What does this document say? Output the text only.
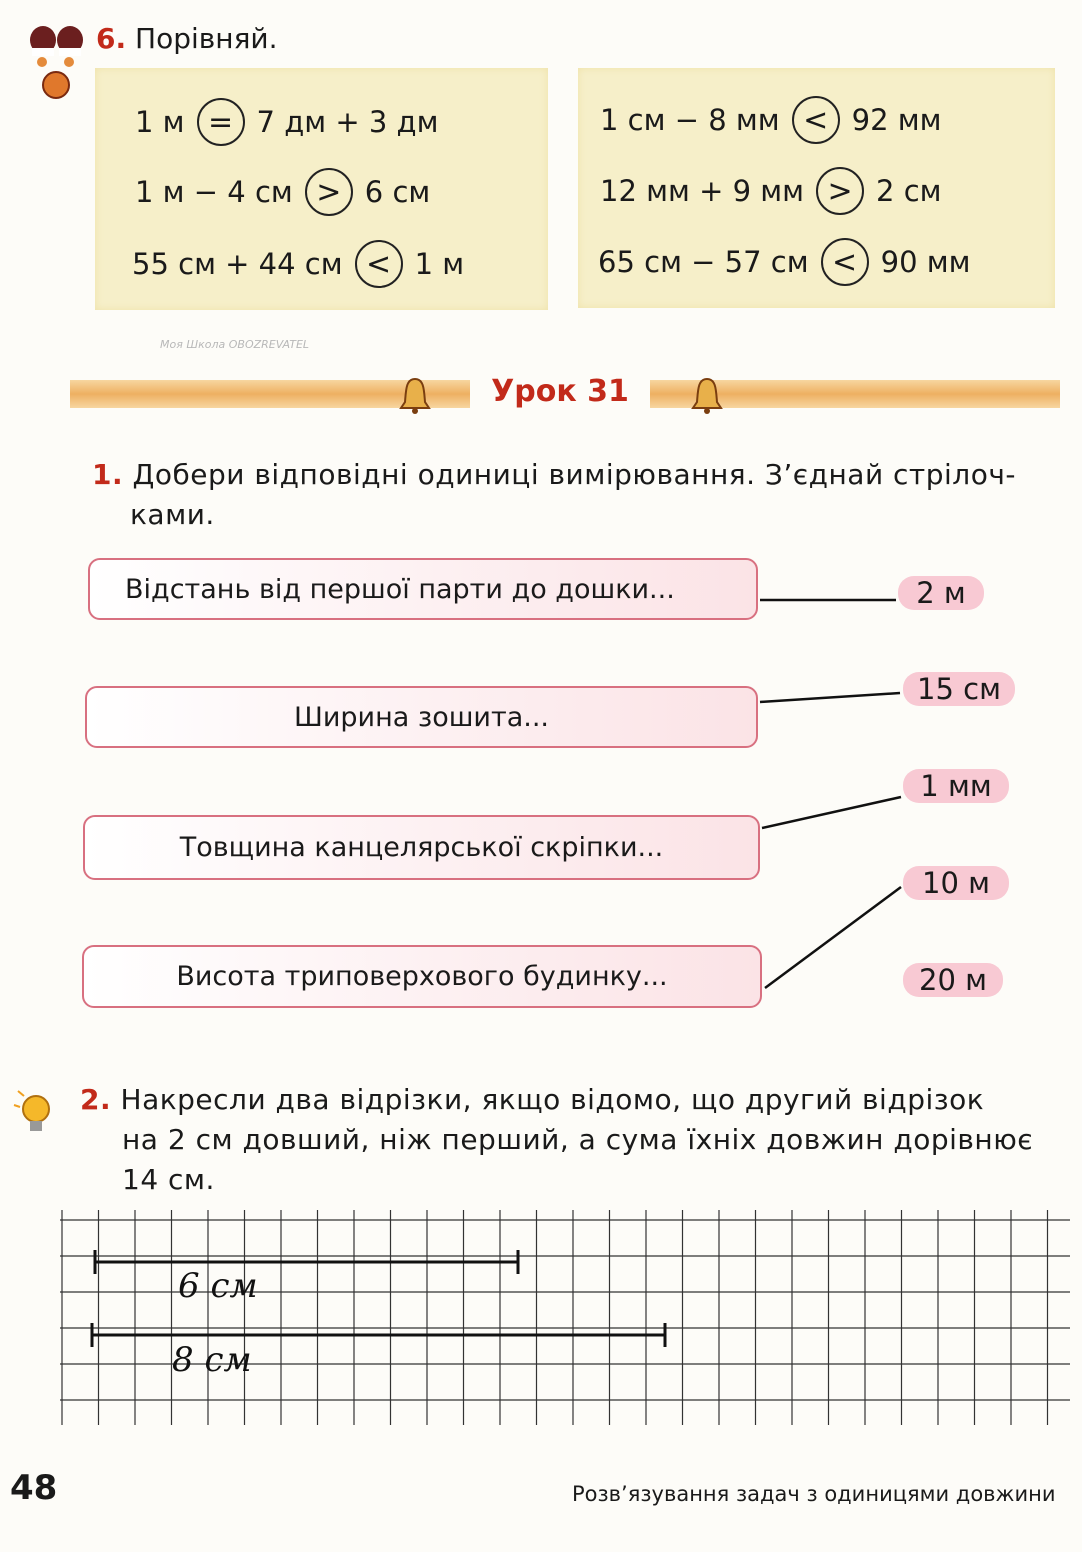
6. Порівняй.
1 м = 7 дм + 3 дм
1 м − 4 см > 6 см
55 см + 44 см < 1 м
1 см − 8 мм < 92 мм
12 мм + 9 мм > 2 см
65 см − 57 см < 90 мм
Моя Школа OBOZREVATEL
Урок 31
1. Добери відповідні одиниці вимірювання. З’єднай стрілоч-
ками.
Відстань від першої парти до дошки...
Ширина зошита...
Товщина канцелярської скріпки...
Висота триповерхового будинку...
2 м
15 см
1 мм
10 м
20 м
2. Накресли два відрізки, якщо відомо, що другий відрізок
на 2 см довший, ніж перший, а сума їхніх довжин дорівнює
14 см.
6 см
8 см
48	Розв’язування задач з одиницями довжини
